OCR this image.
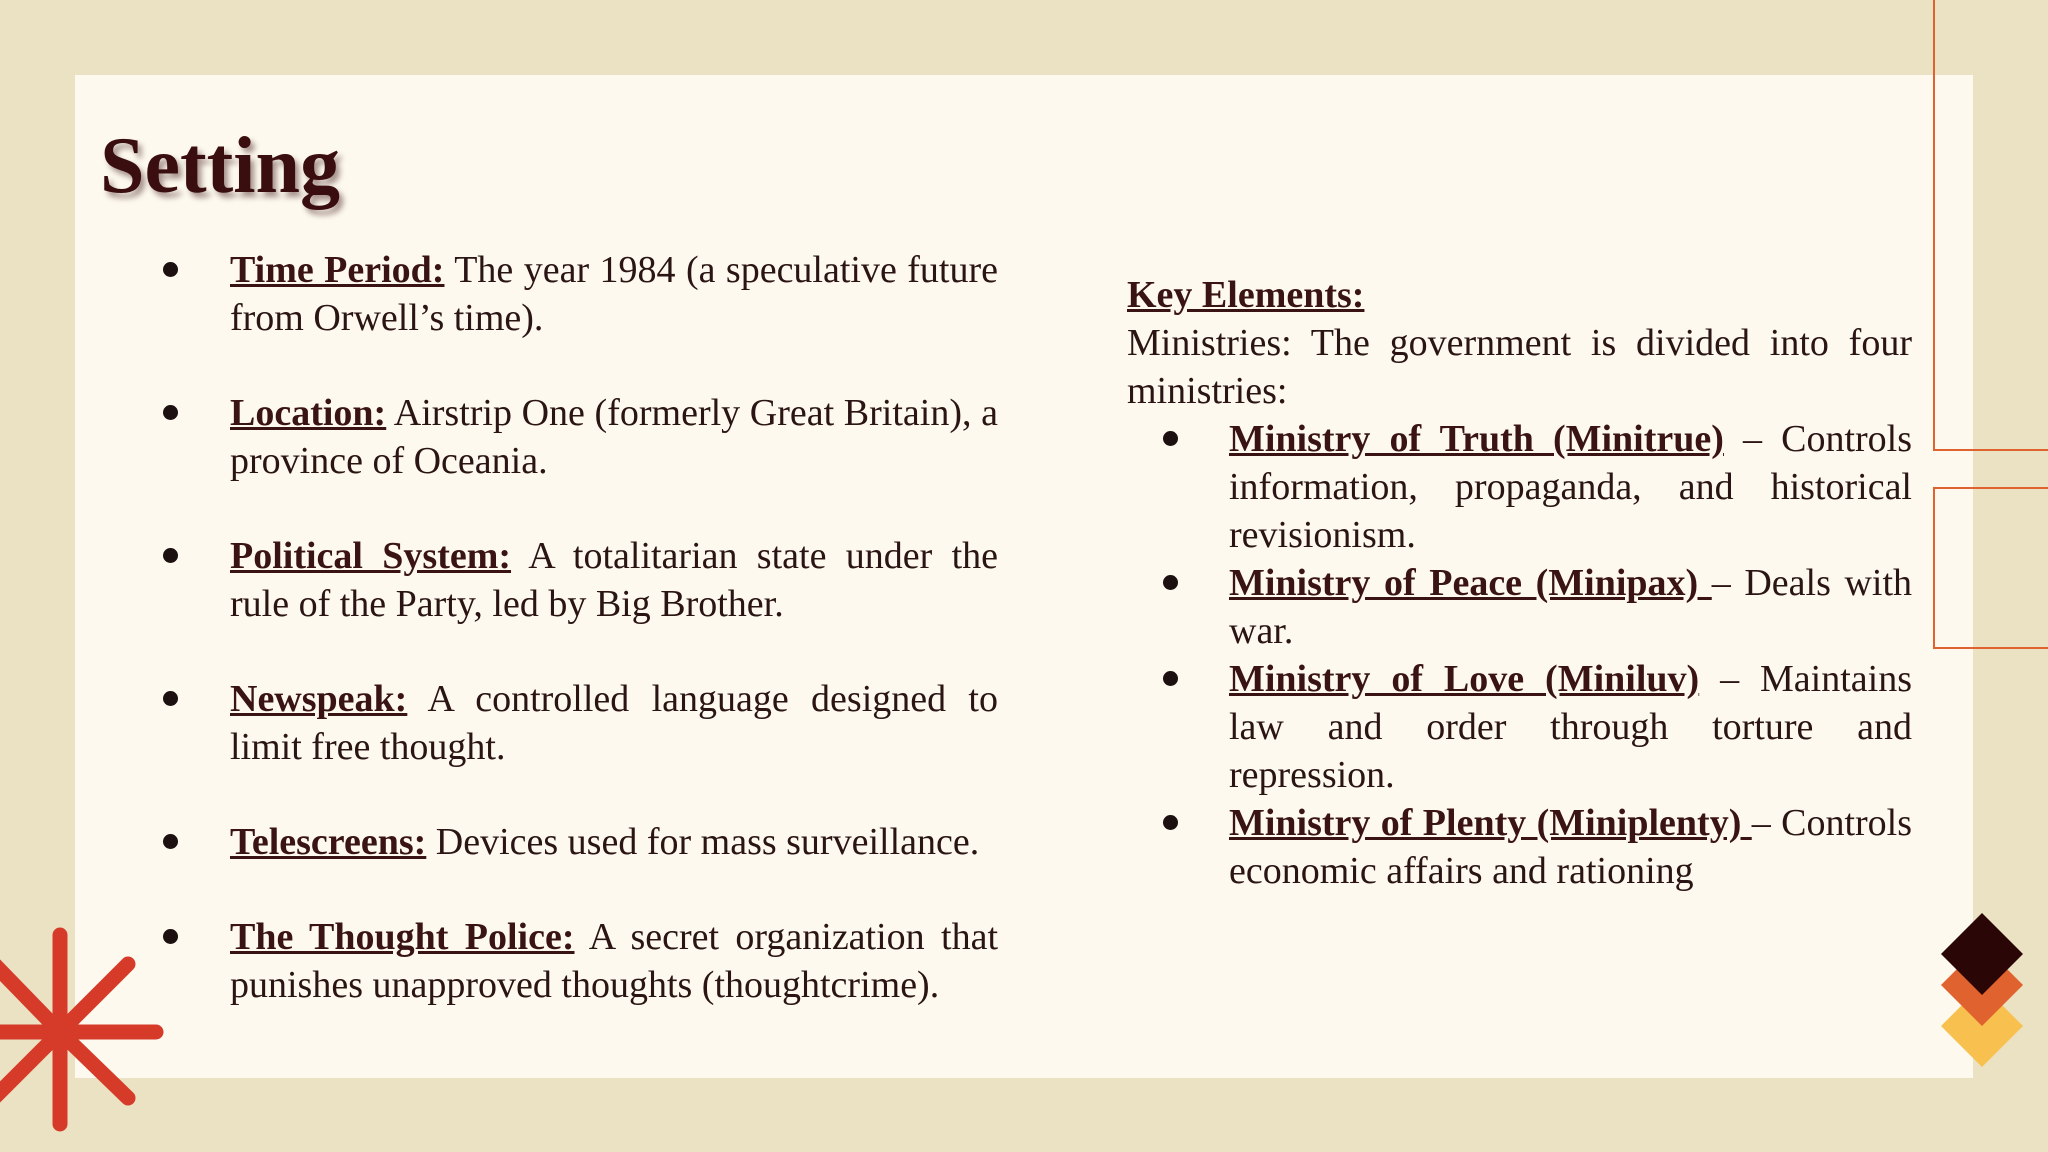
Setting
Time Period: The year 1984 (a speculative future from Orwell’s time).
Location: Airstrip One (formerly Great Britain), a province of Oceania.
Political System: A totalitarian state under the rule of the Party, led by Big Brother.
Newspeak: A controlled language designed to limit free thought.
Telescreens: Devices used for mass surveillance.
The Thought Police: A secret organization that punishes unapproved thoughts (thoughtcrime).

Key Elements:

Ministries: The government is divided into four ministries:

Ministry of Truth (Minitrue) – Controls information, propaganda, and historical revisionism.
Ministry of Peace (Minipax) – Deals with war.
Ministry of Love (Miniluv) – Maintains law and order through torture and repression.
Ministry of Plenty (Miniplenty) – Controls economic affairs and rationing
